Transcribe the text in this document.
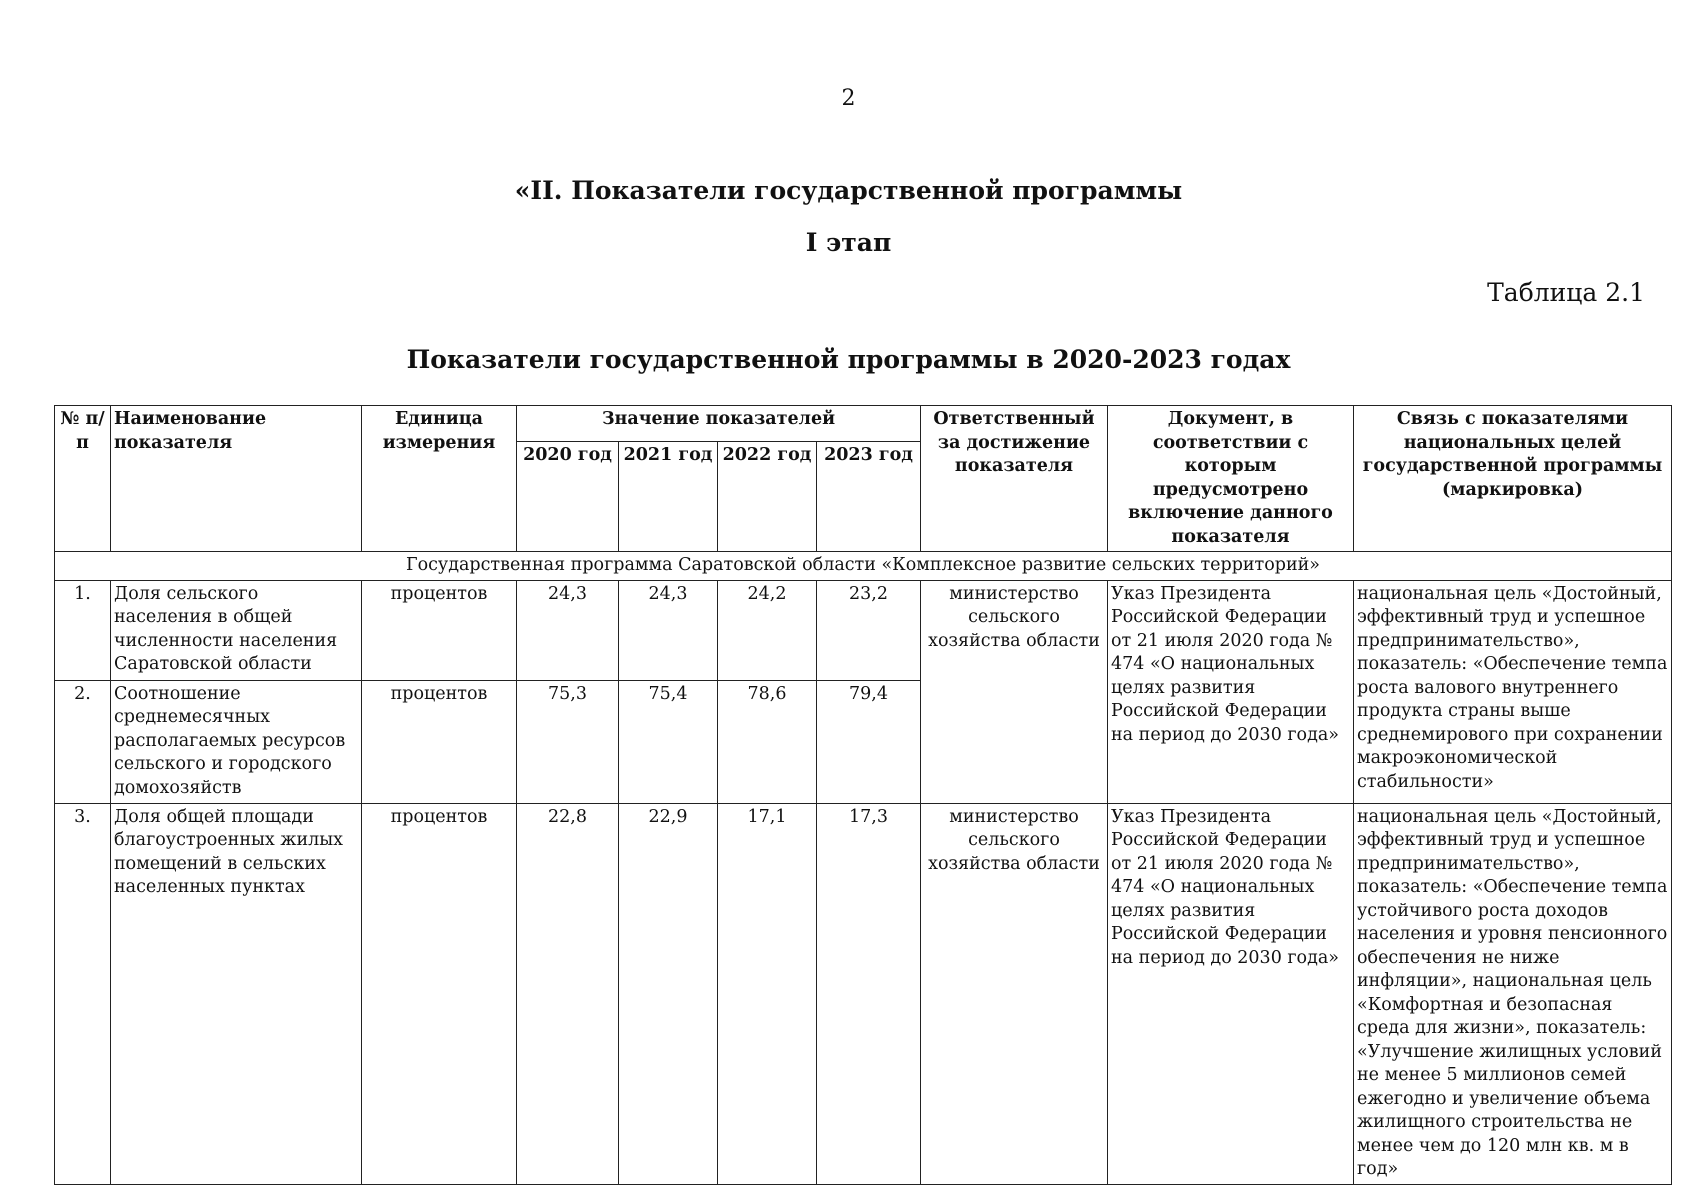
2
«II. Показатели государственной программы
I этап
Таблица 2.1
Показатели государственной программы в 2020-2023 годах
№ п/п	Наименование показателя	Единица измерения	Значение показателей				Ответственный за достижение показателя	Документ, в соответствии с которым предусмотрено включение данного показателя	Связь с показателями национальных целей государственной программы (маркировка)
			2020 год	2021 год	2022 год	2023 год			
Государственная программа Саратовской области «Комплексное развитие сельских территорий»									
1.	Доля сельского населения в общей численности населения Саратовской области	процентов	24,3	24,3	24,2	23,2	министерство сельского хозяйства области	Указ Президента Российской Федерации от 21 июля 2020 года № 474 «О национальных целях развития Российской Федерации на период до 2030 года»	национальная цель «Достойный, эффективный труд и успешное предпринимательство», показатель: «Обеспечение темпа роста валового внутреннего продукта страны выше среднемирового при сохранении макроэкономической стабильности»
2.	Соотношение среднемесячных располагаемых ресурсов сельского и городского домохозяйств	процентов	75,3	75,4	78,6	79,4			
3.	Доля общей площади благоустроенных жилых помещений в сельских населенных пунктах	процентов	22,8	22,9	17,1	17,3	министерство сельского хозяйства области	Указ Президента Российской Федерации от 21 июля 2020 года № 474 «О национальных целях развития Российской Федерации на период до 2030 года»	национальная цель «Достойный, эффективный труд и успешное предпринимательство», показатель: «Обеспечение темпа устойчивого роста доходов населения и уровня пенсионного обеспечения не ниже инфляции», национальная цель «Комфортная и безопасная среда для жизни», показатель: «Улучшение жилищных условий не менее 5 миллионов семей ежегодно и увеличение объема жилищного строительства не менее чем до 120 млн кв. м в год»
